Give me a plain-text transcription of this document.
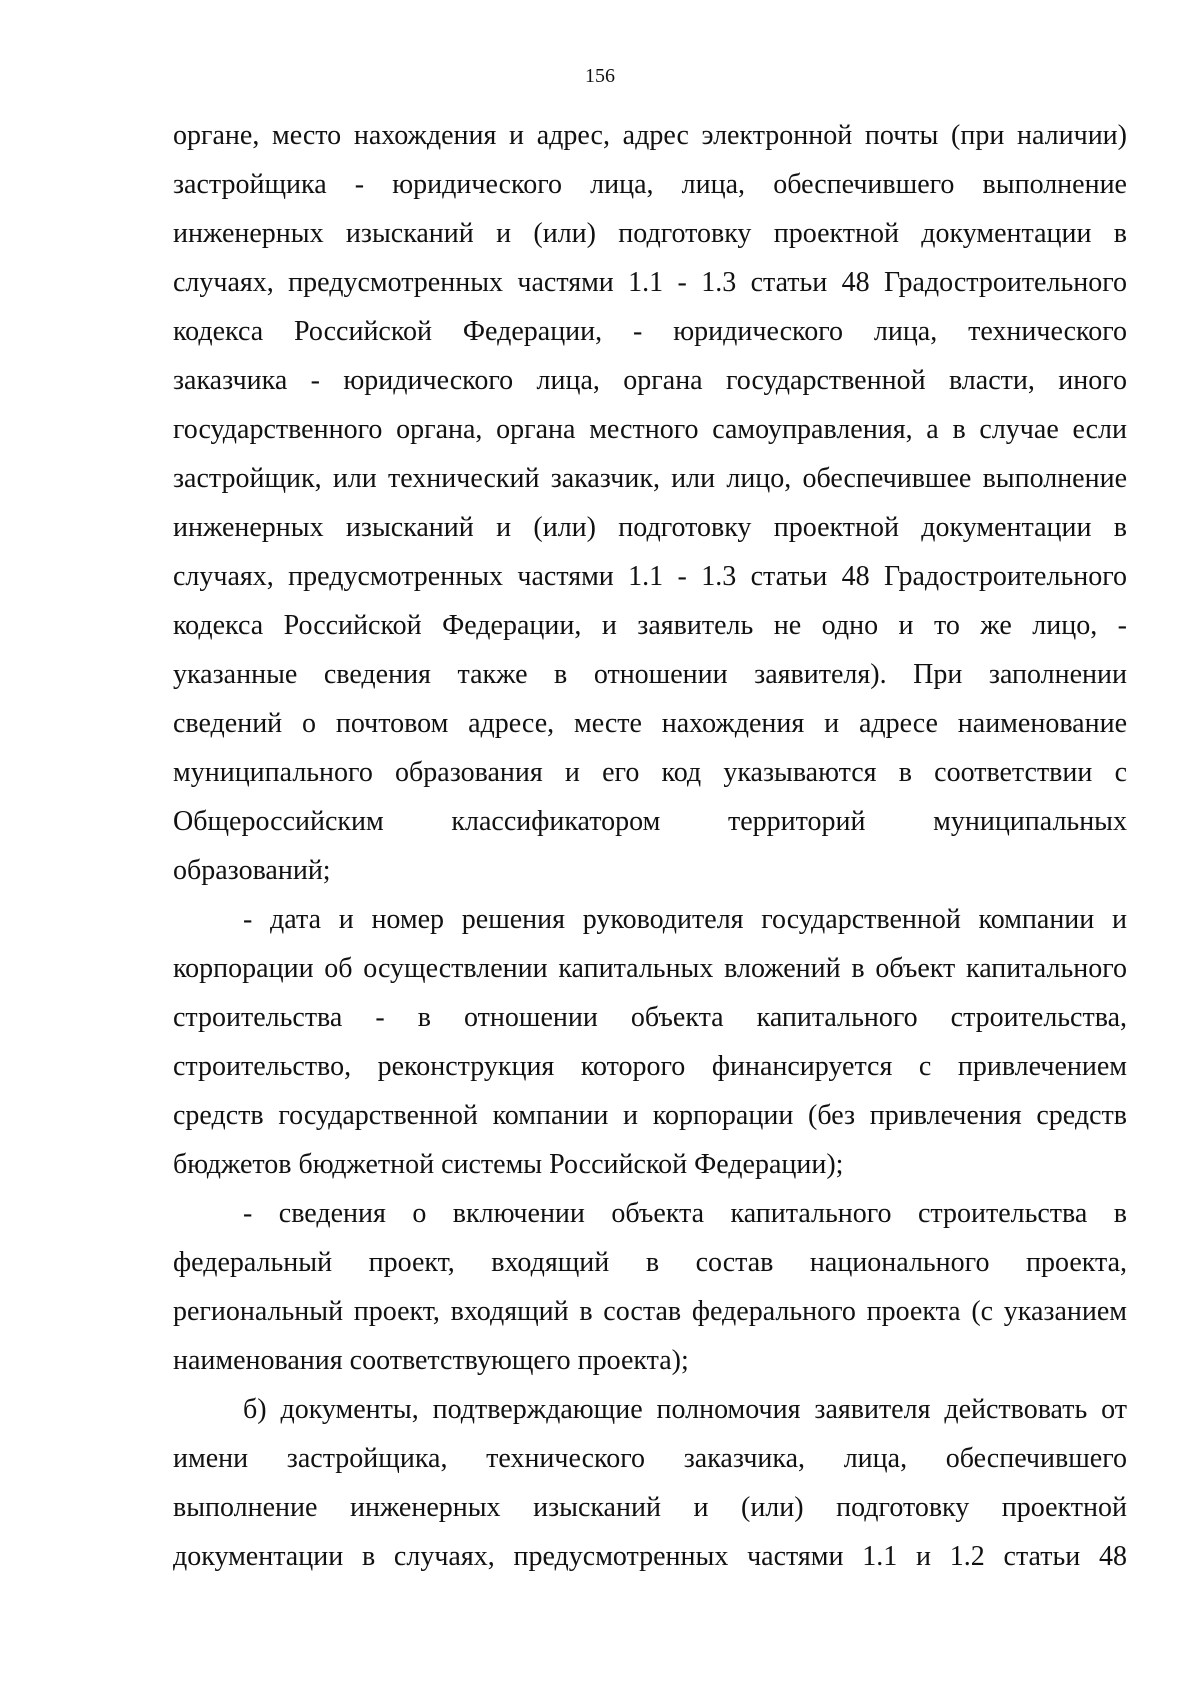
156
органе, место нахождения и адрес, адрес электронной почты (при наличии)
застройщика - юридического лица, лица, обеспечившего выполнение
инженерных изысканий и (или) подготовку проектной документации в
случаях, предусмотренных частями 1.1 - 1.3 статьи 48 Градостроительного
кодекса Российской Федерации, - юридического лица, технического
заказчика - юридического лица, органа государственной власти, иного
государственного органа, органа местного самоуправления, а в случае если
застройщик, или технический заказчик, или лицо, обеспечившее выполнение
инженерных изысканий и (или) подготовку проектной документации в
случаях, предусмотренных частями 1.1 - 1.3 статьи 48 Градостроительного
кодекса Российской Федерации, и заявитель не одно и то же лицо, -
указанные сведения также в отношении заявителя). При заполнении
сведений о почтовом адресе, месте нахождения и адресе наименование
муниципального образования и его код указываются в соответствии с
Общероссийским классификатором территорий муниципальных
образований;
- дата и номер решения руководителя государственной компании и
корпорации об осуществлении капитальных вложений в объект капитального
строительства - в отношении объекта капитального строительства,
строительство, реконструкция которого финансируется с привлечением
средств государственной компании и корпорации (без привлечения средств
бюджетов бюджетной системы Российской Федерации);
- сведения о включении объекта капитального строительства в
федеральный проект, входящий в состав национального проекта,
региональный проект, входящий в состав федерального проекта (с указанием
наименования соответствующего проекта);
б) документы, подтверждающие полномочия заявителя действовать от
имени застройщика, технического заказчика, лица, обеспечившего
выполнение инженерных изысканий и (или) подготовку проектной
документации в случаях, предусмотренных частями 1.1 и 1.2 статьи 48
